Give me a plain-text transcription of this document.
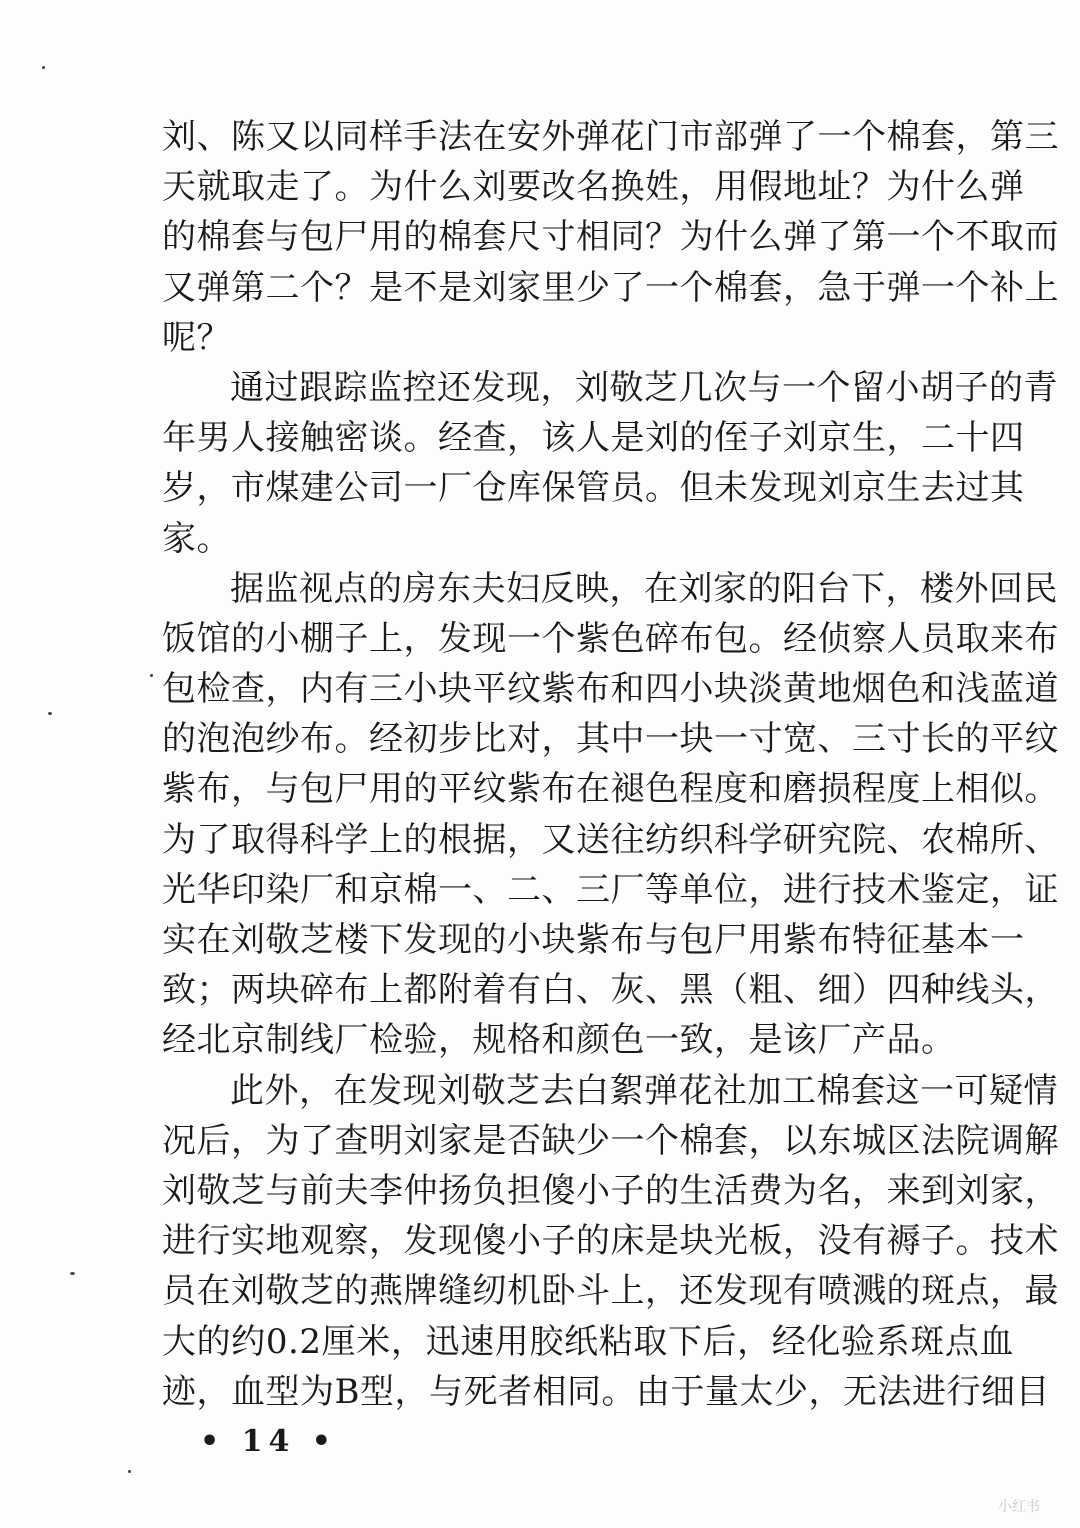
刘、陈又以同样手法在安外弹花门市部弹了一个棉套，第三
天就取走了。为什么刘要改名换姓，用假地址？为什么弹
的棉套与包尸用的棉套尺寸相同？为什么弹了第一个不取而
又弹第二个？是不是刘家里少了一个棉套，急于弹一个补上
呢？
通过跟踪监控还发现，刘敬芝几次与一个留小胡子的青
年男人接触密谈。经查，该人是刘的侄子刘京生，二十四
岁，市煤建公司一厂仓库保管员。但未发现刘京生去过其
家。
据监视点的房东夫妇反映，在刘家的阳台下，楼外回民
饭馆的小棚子上，发现一个紫色碎布包。经侦察人员取来布
包检查，内有三小块平纹紫布和四小块淡黄地烟色和浅蓝道
的泡泡纱布。经初步比对，其中一块一寸宽、三寸长的平纹
紫布，与包尸用的平纹紫布在褪色程度和磨损程度上相似。
为了取得科学上的根据，又送往纺织科学研究院、农棉所、
光华印染厂和京棉一、二、三厂等单位，进行技术鉴定，证
实在刘敬芝楼下发现的小块紫布与包尸用紫布特征基本一
致；两块碎布上都附着有白、灰、黑（粗、细）四种线头，
经北京制线厂检验，规格和颜色一致，是该厂产品。
此外，在发现刘敬芝去白絮弹花社加工棉套这一可疑情
况后，为了查明刘家是否缺少一个棉套，以东城区法院调解
刘敬芝与前夫李仲扬负担傻小子的生活费为名，来到刘家，
进行实地观察，发现傻小子的床是块光板，没有褥子。技术
员在刘敬芝的燕牌缝纫机卧斗上，还发现有喷溅的斑点，最
大的约0.2厘米，迅速用胶纸粘取下后，经化验系斑点血
迹，血型为B型，与死者相同。由于量太少，无法进行细目
• 14 •
小红书
